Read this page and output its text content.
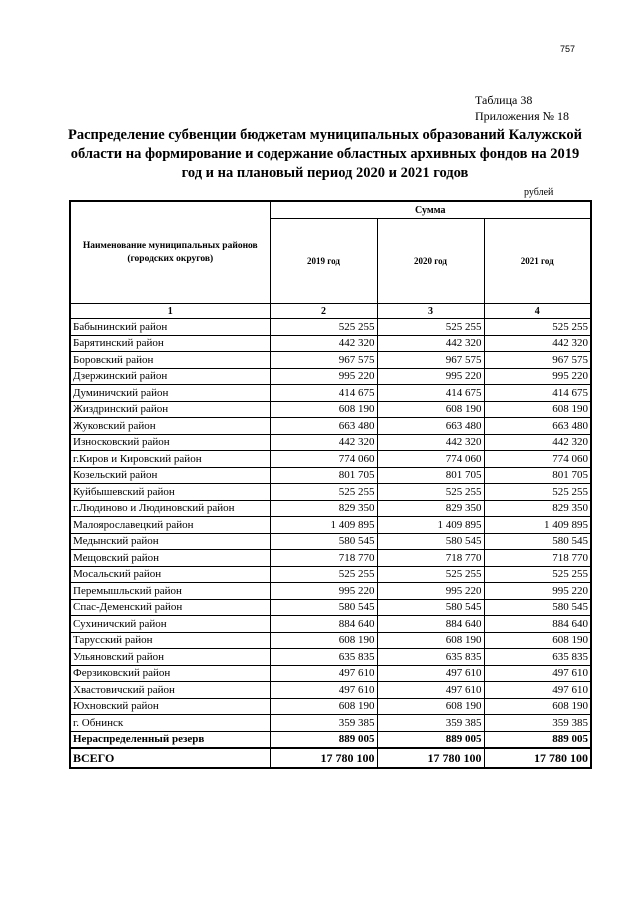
757
Таблица 38
Приложения № 18
Распределение субвенции бюджетам муниципальных образований Калужской области на формирование и содержание областных архивных фондов на 2019 год и на плановый период 2020 и 2021 годов
рублей
Наименование муниципальных районов (городских округов)	Сумма		
	2019 год	2020 год	2021 год
1	2	3	4
Бабынинский район	525 255	525 255	525 255
Барятинский район	442 320	442 320	442 320
Боровский район	967 575	967 575	967 575
Дзержинский район	995 220	995 220	995 220
Думиничский район	414 675	414 675	414 675
Жиздринский район	608 190	608 190	608 190
Жуковский район	663 480	663 480	663 480
Износковский район	442 320	442 320	442 320
г.Киров и Кировский район	774 060	774 060	774 060
Козельский район	801 705	801 705	801 705
Куйбышевский район	525 255	525 255	525 255
г.Людиново и Людиновский район	829 350	829 350	829 350
Малоярославецкий район	1 409 895	1 409 895	1 409 895
Медынский район	580 545	580 545	580 545
Мещовский район	718 770	718 770	718 770
Мосальский район	525 255	525 255	525 255
Перемышльский район	995 220	995 220	995 220
Спас-Деменский район	580 545	580 545	580 545
Сухиничский район	884 640	884 640	884 640
Тарусский район	608 190	608 190	608 190
Ульяновский район	635 835	635 835	635 835
Ферзиковский район	497 610	497 610	497 610
Хвастовичский район	497 610	497 610	497 610
Юхновский район	608 190	608 190	608 190
г. Обнинск	359 385	359 385	359 385
Нераспределенный резерв	889 005	889 005	889 005
ВСЕГО	17 780 100	17 780 100	17 780 100
